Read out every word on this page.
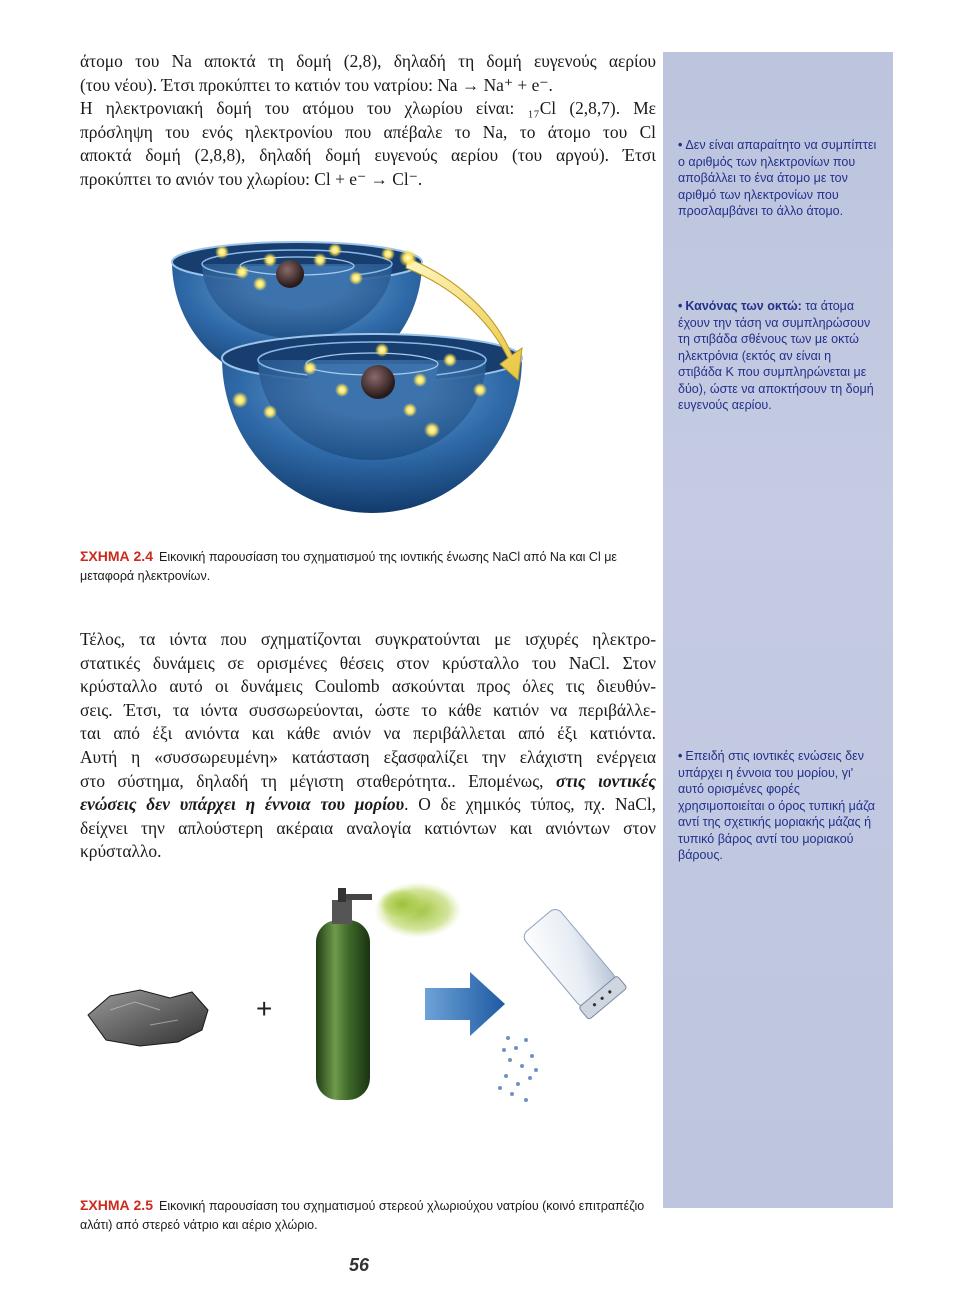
άτομο του Na αποκτά τη δομή (2,8), δηλαδή τη δομή ευγενούς αερίου
(του νέου). Έτσι προκύπτει το κατιόν του νατρίου: Na → Na⁺ + e⁻.
Η ηλεκτρονιακή δομή του ατόμου του χλωρίου είναι: ₁₇Cl (2,8,7). Με
πρόσληψη του ενός ηλεκτρονίου που απέβαλε το Na, το άτομο του Cl
αποκτά δομή (2,8,8), δηλαδή δομή ευγενούς αερίου (του αργού). Έτσι
προκύπτει το ανιόν του χλωρίου: Cl + e⁻ → Cl⁻.
• Δεν είναι απαραίτητο να συμπίπτει ο αριθμός των ηλεκτρονίων που αποβάλλει το ένα άτομο με τον αριθμό των ηλεκτρονίων που προσλαμβάνει το άλλο άτομο.
• Κανόνας των οκτώ: τα άτομα έχουν την τάση να συμπληρώσουν τη στιβάδα σθένους των με οκτώ ηλεκτρόνια (εκτός αν είναι η στιβάδα K που συμπληρώνεται με δύο), ώστε να αποκτήσουν τη δομή ευγενούς αερίου.
• Επειδή στις ιοντικές ενώσεις δεν υπάρχει η έννοια του μορίου, γι' αυτό ορισμένες φορές χρησιμοποιείται ο όρος τυπική μάζα αντί της σχετικής μοριακής μάζας ή τυπικό βάρος αντί του μοριακού βάρους.
ΣΧΗΜΑ 2.4 Εικονική παρουσίαση του σχηματισμού της ιοντικής ένωσης NaCl από Na και Cl με μεταφορά ηλεκτρονίων.
Τέλος, τα ιόντα που σχηματίζονται συγκρατούνται με ισχυρές ηλεκτρο-
στατικές δυνάμεις σε ορισμένες θέσεις στον κρύσταλλο του NaCl. Στον
κρύσταλλο αυτό οι δυνάμεις Coulomb ασκούνται προς όλες τις διευθύν-
σεις. Έτσι, τα ιόντα συσσωρεύονται, ώστε το κάθε κατιόν να περιβάλλε-
ται από έξι ανιόντα και κάθε ανιόν να περιβάλλεται από έξι κατιόντα.
Αυτή η «συσσωρευμένη» κατάσταση εξασφαλίζει την ελάχιστη ενέργεια
στο σύστημα, δηλαδή τη μέγιστη σταθερότητα.. Επομένως, στις ιοντικές
ενώσεις δεν υπάρχει η έννοια του μορίου. Ο δε χημικός τύπος, πχ. NaCl,
δείχνει την απλούστερη ακέραια αναλογία κατιόντων και ανιόντων στον
κρύσταλλο.
+
ΣΧΗΜΑ 2.5 Εικονική παρουσίαση του σχηματισμού στερεού χλωριούχου νατρίου (κοινό επιτραπέζιο αλάτι) από στερεό νάτριο και αέριο χλώριο.
56
